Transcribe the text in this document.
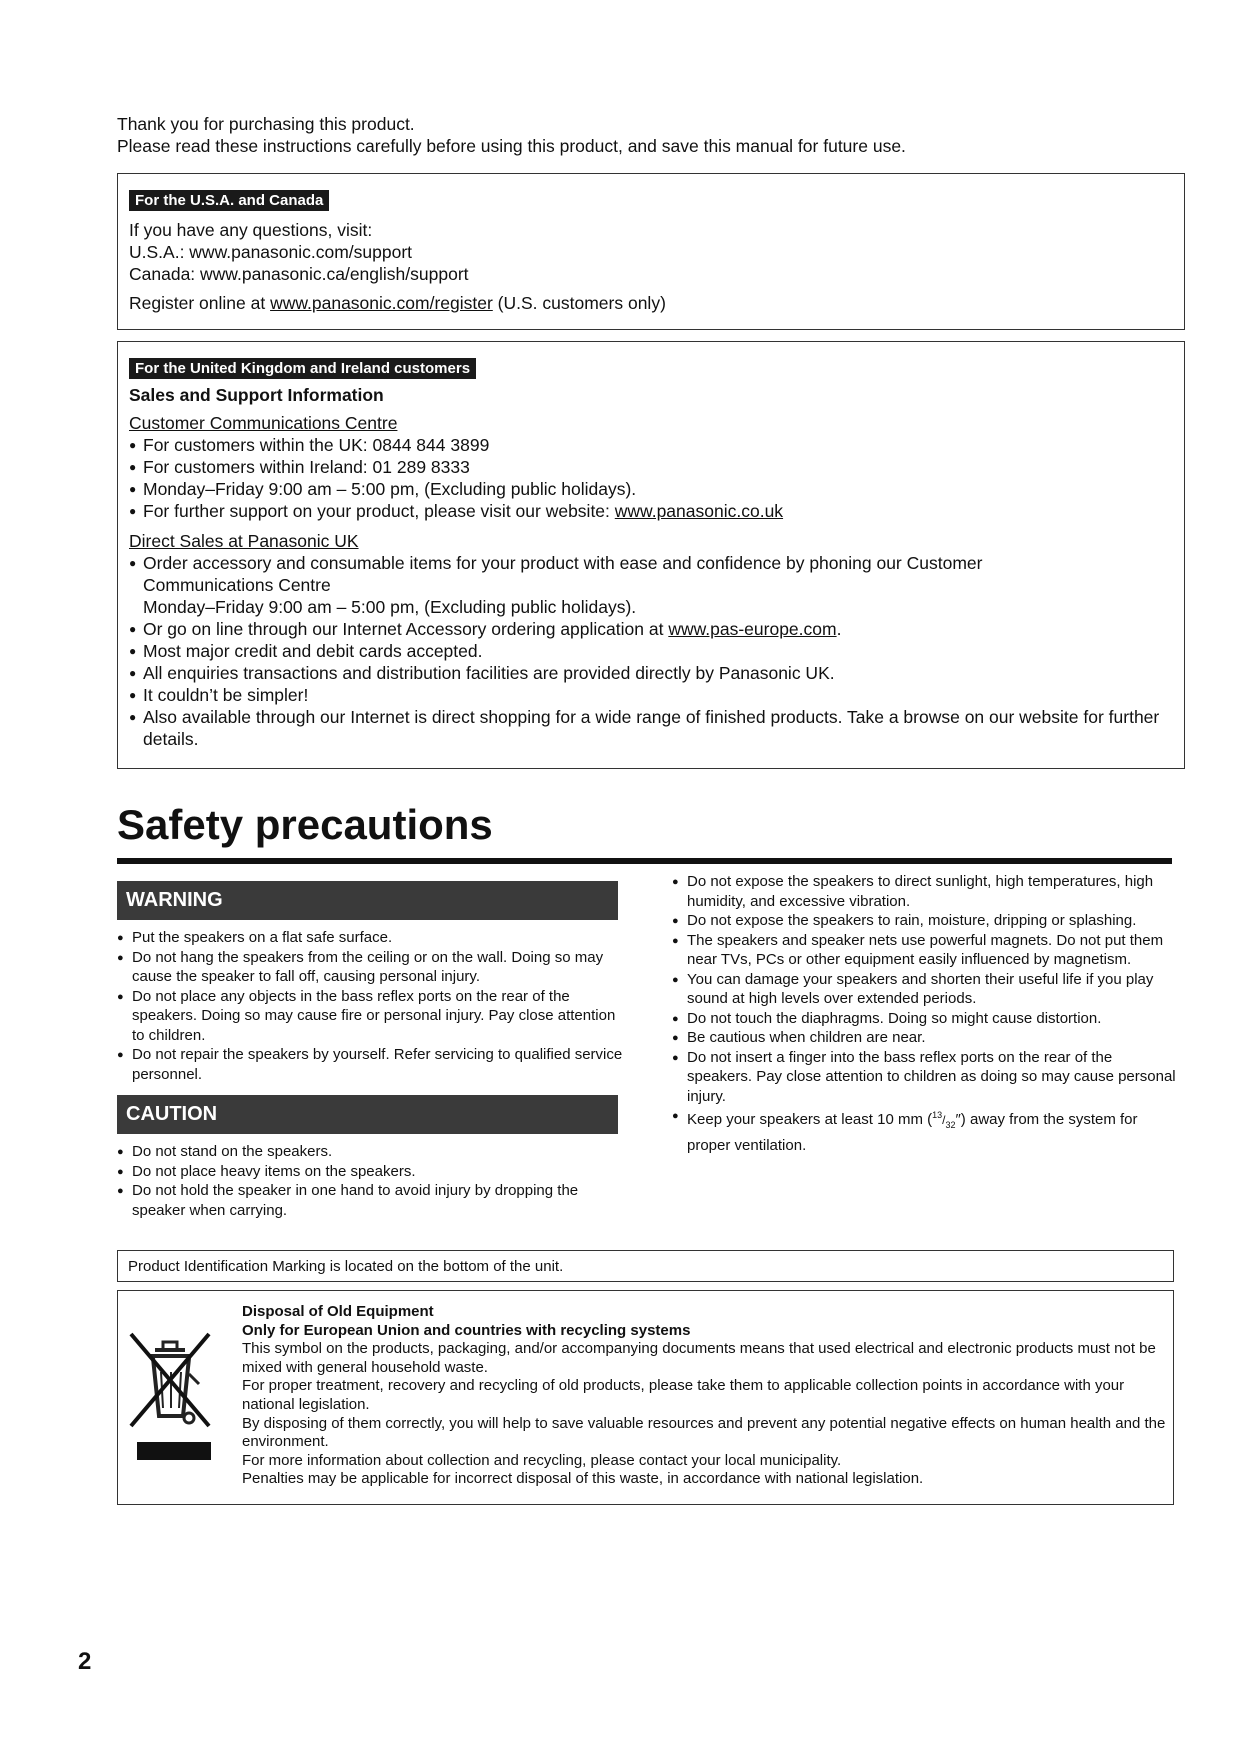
Thank you for purchasing this product.
Please read these instructions carefully before using this product, and save this manual for future use.
For the U.S.A. and Canada
If you have any questions, visit:
U.S.A.: www.panasonic.com/support
Canada: www.panasonic.ca/english/support
Register online at www.panasonic.com/register (U.S. customers only)
For the United Kingdom and Ireland customers
Sales and Support Information
Customer Communications Centre
● For customers within the UK: 0844 844 3899
● For customers within Ireland: 01 289 8333
● Monday–Friday 9:00 am – 5:00 pm, (Excluding public holidays).
● For further support on your product, please visit our website: www.panasonic.co.uk
Direct Sales at Panasonic UK
● Order accessory and consumable items for your product with ease and confidence by phoning our Customer Communications Centre
Monday–Friday 9:00 am – 5:00 pm, (Excluding public holidays).
● Or go on line through our Internet Accessory ordering application at www.pas-europe.com.
● Most major credit and debit cards accepted.
● All enquiries transactions and distribution facilities are provided directly by Panasonic UK.
● It couldn’t be simpler!
● Also available through our Internet is direct shopping for a wide range of finished products. Take a browse on our website for further details.
Safety precautions
WARNING
● Put the speakers on a flat safe surface.
● Do not hang the speakers from the ceiling or on the wall. Doing so may cause the speaker to fall off, causing personal injury.
● Do not place any objects in the bass reflex ports on the rear of the speakers. Doing so may cause fire or personal injury. Pay close attention to children.
● Do not repair the speakers by yourself. Refer servicing to qualified service personnel.
CAUTION
● Do not stand on the speakers.
● Do not place heavy items on the speakers.
● Do not hold the speaker in one hand to avoid injury by dropping the speaker when carrying.
● Do not expose the speakers to direct sunlight, high temperatures, high humidity, and excessive vibration.
● Do not expose the speakers to rain, moisture, dripping or splashing.
● The speakers and speaker nets use powerful magnets. Do not put them near TVs, PCs or other equipment easily influenced by magnetism.
● You can damage your speakers and shorten their useful life if you play sound at high levels over extended periods.
● Do not touch the diaphragms. Doing so might cause distortion.
● Be cautious when children are near.
● Do not insert a finger into the bass reflex ports on the rear of the speakers. Pay close attention to children as doing so may cause personal injury.
● Keep your speakers at least 10 mm $(^{13}/_{32}'')$ away from the system for proper ventilation.
Product Identification Marking is located on the bottom of the unit.
Disposal of Old Equipment
Only for European Union and countries with recycling systems
This symbol on the products, packaging, and/or accompanying documents means that used electrical and electronic products must not be mixed with general household waste.
For proper treatment, recovery and recycling of old products, please take them to applicable collection points in accordance with your national legislation.
By disposing of them correctly, you will help to save valuable resources and prevent any potential negative effects on human health and the environment.
For more information about collection and recycling, please contact your local municipality.
Penalties may be applicable for incorrect disposal of this waste, in accordance with national legislation.
2
